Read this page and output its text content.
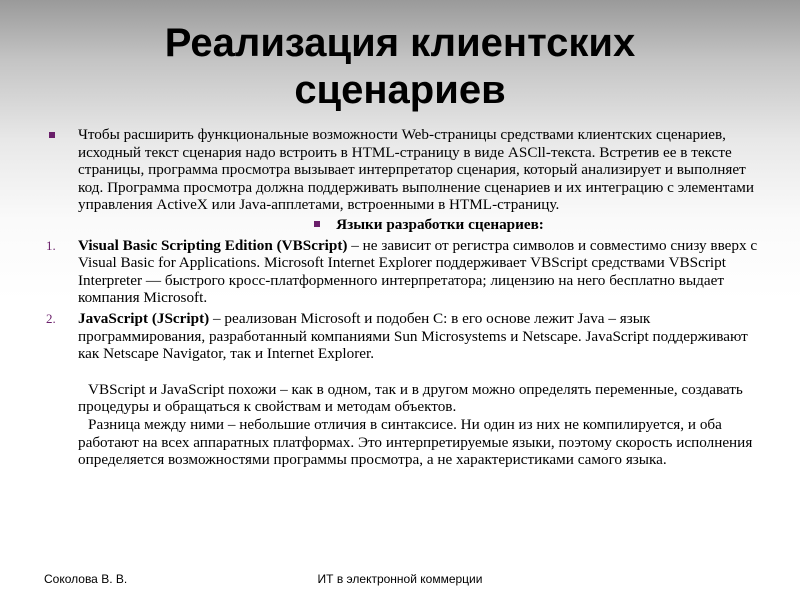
Реализация клиентских
сценариев
Чтобы расширить функциональные возможности Web-страницы средствами клиентских сценариев, исходный текст сценария надо встроить в HTML-страницу в виде ASCll-текста. Встретив ее в тексте страницы, программа просмотра вызывает интерпретатор сценария, который анализирует и выполняет код. Программа просмотра должна поддерживать выполнение сценариев и их интеграцию с элементами управления ActiveX или Java-апплетами, встроенными в HTML-страницу.
Языки разработки сценариев:
1. Visual Basic Scripting Edition (VBScript) – не зависит от регистра символов и совместимо снизу вверх с Visual Basic for Applications. Microsoft Internet Explorer поддерживает VBScript средствами VBScript Interpreter — быстрого кросс-платформенного интерпретатора; лицензию на него бесплатно выдает компания Microsoft.
2. JavaScript (JScript) – реализован Microsoft и подобен С: в его основе лежит Java – язык программирования, разработанный компаниями Sun Microsystems и Netscape. JavaScript поддерживают как Netscape Navigator, так и Internet Explorer.
VBScript и JavaScript похожи – как в одном, так и в другом можно определять переменные, создавать процедуры и обращаться к свойствам и методам объектов.
Разница между ними – небольшие отличия в синтаксисе. Ни один из них не компилируется, и оба работают на всех аппаратных платформах. Это интерпретируемые языки, поэтому скорость исполнения определяется возможностями программы просмотра, а не характеристиками самого языка.
Соколова В. В.	ИТ в электронной коммерции
